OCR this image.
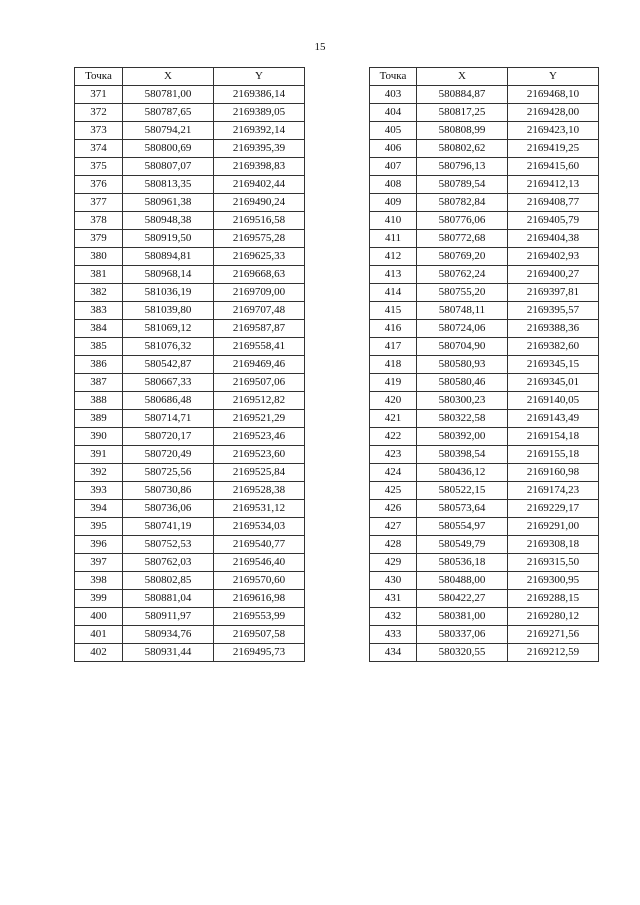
15
Точка	X	Y
371	580781,00	2169386,14
372	580787,65	2169389,05
373	580794,21	2169392,14
374	580800,69	2169395,39
375	580807,07	2169398,83
376	580813,35	2169402,44
377	580961,38	2169490,24
378	580948,38	2169516,58
379	580919,50	2169575,28
380	580894,81	2169625,33
381	580968,14	2169668,63
382	581036,19	2169709,00
383	581039,80	2169707,48
384	581069,12	2169587,87
385	581076,32	2169558,41
386	580542,87	2169469,46
387	580667,33	2169507,06
388	580686,48	2169512,82
389	580714,71	2169521,29
390	580720,17	2169523,46
391	580720,49	2169523,60
392	580725,56	2169525,84
393	580730,86	2169528,38
394	580736,06	2169531,12
395	580741,19	2169534,03
396	580752,53	2169540,77
397	580762,03	2169546,40
398	580802,85	2169570,60
399	580881,04	2169616,98
400	580911,97	2169553,99
401	580934,76	2169507,58
402	580931,44	2169495,73
Точка	X	Y
403	580884,87	2169468,10
404	580817,25	2169428,00
405	580808,99	2169423,10
406	580802,62	2169419,25
407	580796,13	2169415,60
408	580789,54	2169412,13
409	580782,84	2169408,77
410	580776,06	2169405,79
411	580772,68	2169404,38
412	580769,20	2169402,93
413	580762,24	2169400,27
414	580755,20	2169397,81
415	580748,11	2169395,57
416	580724,06	2169388,36
417	580704,90	2169382,60
418	580580,93	2169345,15
419	580580,46	2169345,01
420	580300,23	2169140,05
421	580322,58	2169143,49
422	580392,00	2169154,18
423	580398,54	2169155,18
424	580436,12	2169160,98
425	580522,15	2169174,23
426	580573,64	2169229,17
427	580554,97	2169291,00
428	580549,79	2169308,18
429	580536,18	2169315,50
430	580488,00	2169300,95
431	580422,27	2169288,15
432	580381,00	2169280,12
433	580337,06	2169271,56
434	580320,55	2169212,59
